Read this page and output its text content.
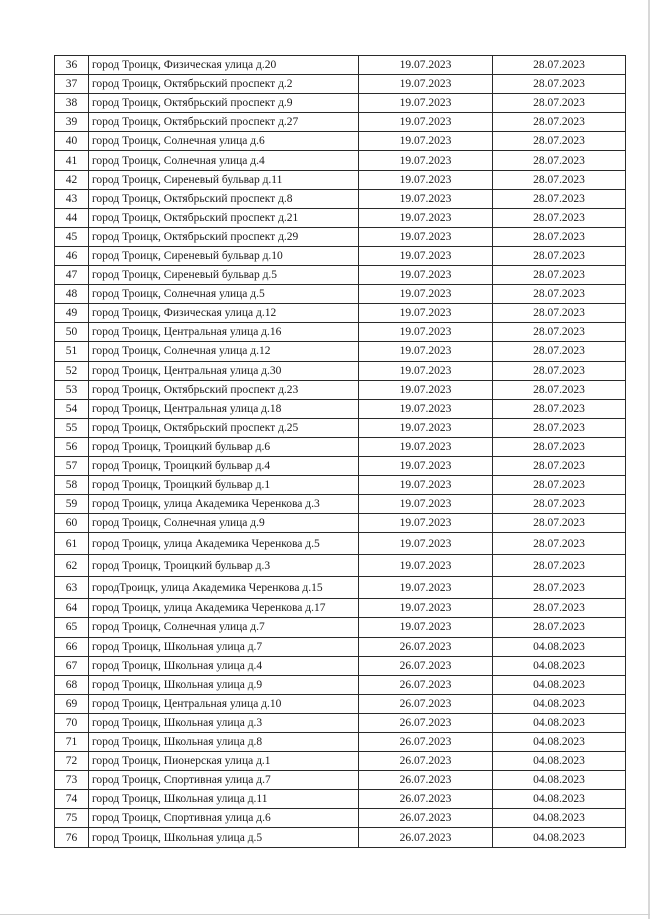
36	город Троицк, Физическая улица д.20	19.07.2023	28.07.2023
37	город Троицк, Октябрьский проспект д.2	19.07.2023	28.07.2023
38	город Троицк, Октябрьский проспект д.9	19.07.2023	28.07.2023
39	город Троицк, Октябрьский проспект д.27	19.07.2023	28.07.2023
40	город Троицк, Солнечная улица д.6	19.07.2023	28.07.2023
41	город Троицк, Солнечная улица д.4	19.07.2023	28.07.2023
42	город Троицк, Сиреневый бульвар д.11	19.07.2023	28.07.2023
43	город Троицк, Октябрьский проспект д.8	19.07.2023	28.07.2023
44	город Троицк, Октябрьский проспект д.21	19.07.2023	28.07.2023
45	город Троицк, Октябрьский проспект д.29	19.07.2023	28.07.2023
46	город Троицк, Сиреневый бульвар д.10	19.07.2023	28.07.2023
47	город Троицк, Сиреневый бульвар д.5	19.07.2023	28.07.2023
48	город Троицк, Солнечная улица д.5	19.07.2023	28.07.2023
49	город Троицк, Физическая улица д.12	19.07.2023	28.07.2023
50	город Троицк, Центральная улица д.16	19.07.2023	28.07.2023
51	город Троицк, Солнечная улица д.12	19.07.2023	28.07.2023
52	город Троицк, Центральная улица д.30	19.07.2023	28.07.2023
53	город Троицк, Октябрьский проспект д.23	19.07.2023	28.07.2023
54	город Троицк, Центральная улица д.18	19.07.2023	28.07.2023
55	город Троицк, Октябрьский проспект д.25	19.07.2023	28.07.2023
56	город Троицк, Троицкий бульвар д.6	19.07.2023	28.07.2023
57	город Троицк, Троицкий бульвар д.4	19.07.2023	28.07.2023
58	город Троицк, Троицкий бульвар д.1	19.07.2023	28.07.2023
59	город Троицк, улица Академика Черенкова д.3	19.07.2023	28.07.2023
60	город Троицк, Солнечная улица д.9	19.07.2023	28.07.2023
61	город Троицк, улица Академика Черенкова д.5	19.07.2023	28.07.2023
62	город Троицк, Троицкий бульвар д.3	19.07.2023	28.07.2023
63	городТроицк, улица Академика Черенкова д.15	19.07.2023	28.07.2023
64	город Троицк, улица Академика Черенкова д.17	19.07.2023	28.07.2023
65	город Троицк, Солнечная улица д.7	19.07.2023	28.07.2023
66	город Троицк, Школьная улица д.7	26.07.2023	04.08.2023
67	город Троицк, Школьная улица д.4	26.07.2023	04.08.2023
68	город Троицк, Школьная улица д.9	26.07.2023	04.08.2023
69	город Троицк, Центральная улица д.10	26.07.2023	04.08.2023
70	город Троицк, Школьная улица д.3	26.07.2023	04.08.2023
71	город Троицк, Школьная улица д.8	26.07.2023	04.08.2023
72	город Троицк, Пионерская улица д.1	26.07.2023	04.08.2023
73	город Троицк, Спортивная улица д.7	26.07.2023	04.08.2023
74	город Троицк, Школьная улица д.11	26.07.2023	04.08.2023
75	город Троицк, Спортивная улица д.6	26.07.2023	04.08.2023
76	город Троицк, Школьная улица д.5	26.07.2023	04.08.2023
